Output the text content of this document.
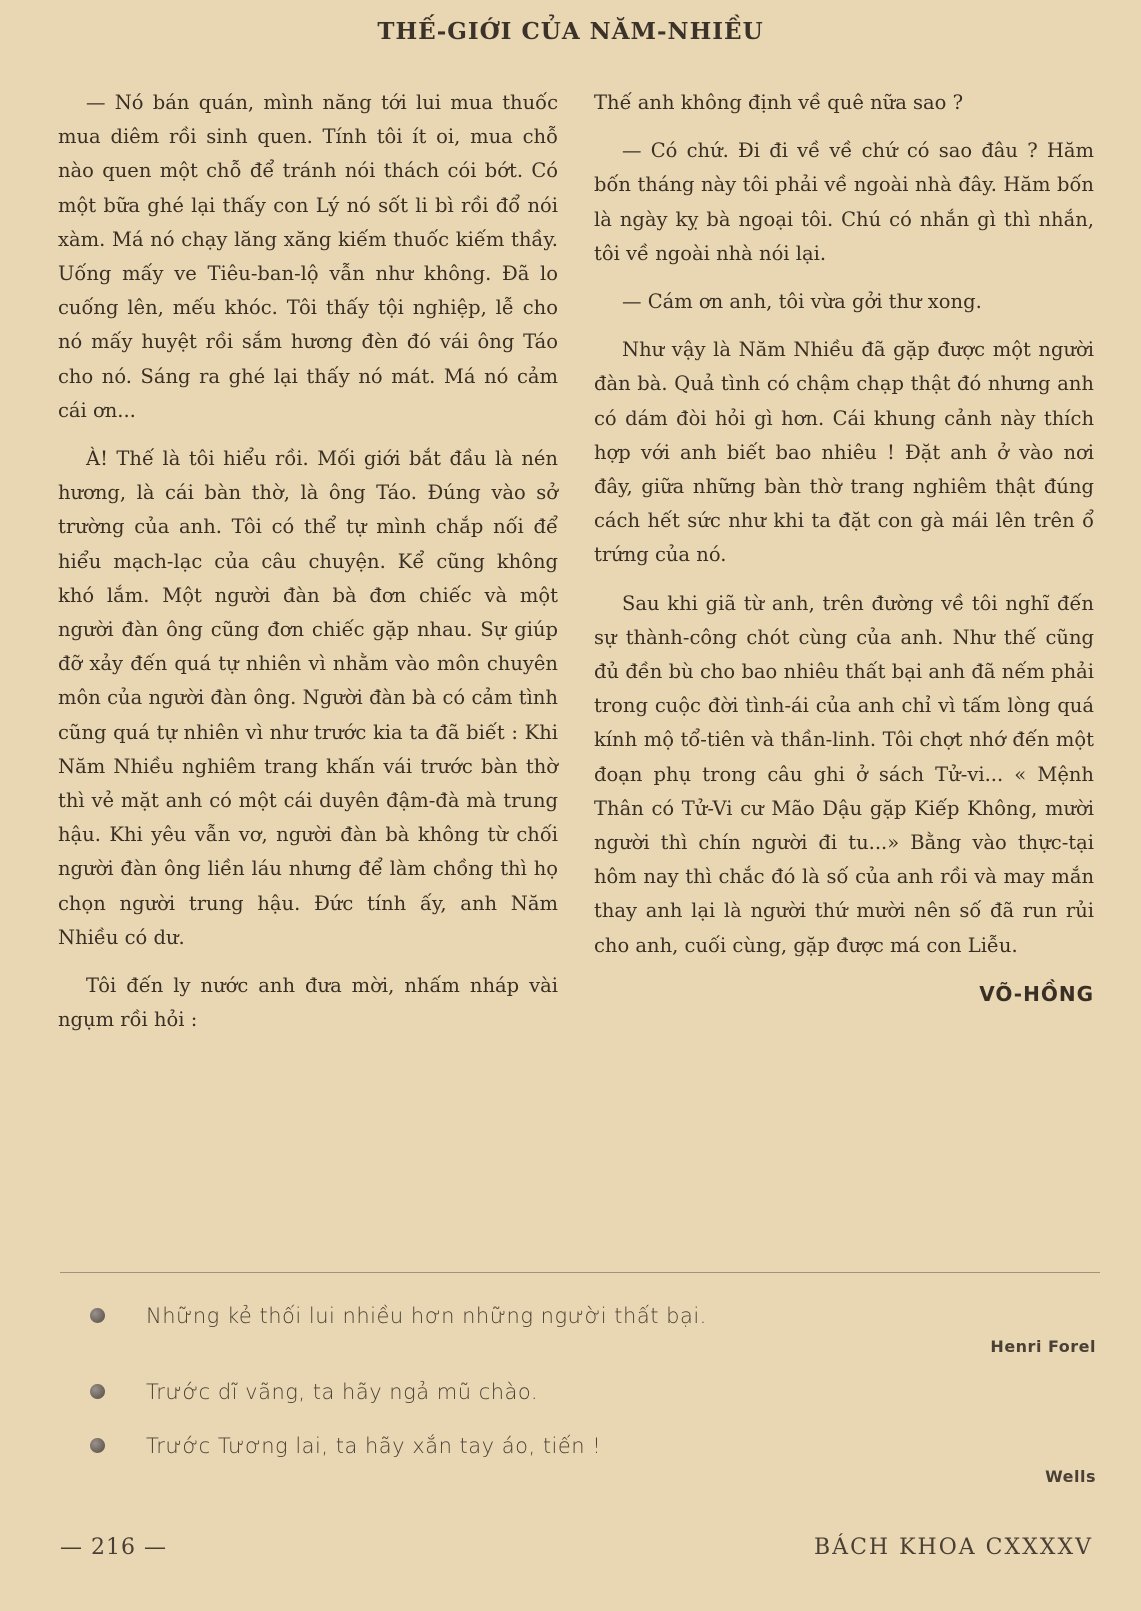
THẾ-GIỚI CỦA NĂM-NHIỀU

— Nó bán quán, mình năng tới lui mua thuốc mua diêm rồi sinh quen. Tính tôi ít oi, mua chỗ nào quen một chỗ để tránh nói thách cói bớt. Có một bữa ghé lại thấy con Lý nó sốt li bì rồi đổ nói xàm. Má nó chạy lăng xăng kiếm thuốc kiếm thầy. Uống mấy ve Tiêu-ban-lộ vẫn như không. Đã lo cuống lên, mếu khóc. Tôi thấy tội nghiệp, lễ cho nó mấy huyệt rồi sắm hương đèn đó vái ông Táo cho nó. Sáng ra ghé lại thấy nó mát. Má nó cảm cái ơn...

À! Thế là tôi hiểu rồi. Mối giới bắt đầu là nén hương, là cái bàn thờ, là ông Táo. Đúng vào sở trường của anh. Tôi có thể tự mình chắp nối để hiểu mạch-lạc của câu chuyện. Kể cũng không khó lắm. Một người đàn bà đơn chiếc và một người đàn ông cũng đơn chiếc gặp nhau. Sự giúp đỡ xảy đến quá tự nhiên vì nhằm vào môn chuyên môn của người đàn ông. Người đàn bà có cảm tình cũng quá tự nhiên vì như trước kia ta đã biết : Khi Năm Nhiều nghiêm trang khấn vái trước bàn thờ thì vẻ mặt anh có một cái duyên đậm-đà mà trung hậu. Khi yêu vẫn vơ, người đàn bà không từ chối người đàn ông liền láu nhưng để làm chồng thì họ chọn người trung hậu. Đức tính ấy, anh Năm Nhiều có dư.

Tôi đến ly nước anh đưa mời, nhấm nháp vài ngụm rồi hỏi :

Thế anh không định về quê nữa sao ?

— Có chứ. Đi đi về về chứ có sao đâu ? Hăm bốn tháng này tôi phải về ngoài nhà đây. Hăm bốn là ngày kỵ bà ngoại tôi. Chú có nhắn gì thì nhắn, tôi về ngoài nhà nói lại.

— Cám ơn anh, tôi vừa gởi thư xong.

Như vậy là Năm Nhiều đã gặp được một người đàn bà. Quả tình có chậm chạp thật đó nhưng anh có dám đòi hỏi gì hơn. Cái khung cảnh này thích hợp với anh biết bao nhiêu ! Đặt anh ở vào nơi đây, giữa những bàn thờ trang nghiêm thật đúng cách hết sức như khi ta đặt con gà mái lên trên ổ trứng của nó.

Sau khi giã từ anh, trên đường về tôi nghĩ đến sự thành-công chót cùng của anh. Như thế cũng đủ đền bù cho bao nhiêu thất bại anh đã nếm phải trong cuộc đời tình-ái của anh chỉ vì tấm lòng quá kính mộ tổ-tiên và thần-linh. Tôi chợt nhớ đến một đoạn phụ trong câu ghi ở sách Tử-vi... « Mệnh Thân có Tử-Vi cư Mão Dậu gặp Kiếp Không, mười người thì chín người đi tu...» Bằng vào thực-tại hôm nay thì chắc đó là số của anh rồi và may mắn thay anh lại là người thứ mười nên số đã run rủi cho anh, cuối cùng, gặp được má con Liễu.

VÕ-HỒNG
Những kẻ thối lui nhiều hơn những người thất bại.
Henri Forel
Trước dĩ vãng, ta hãy ngả mũ chào.
Trước Tương lai, ta hãy xắn tay áo, tiến !
Wells
— 216 —	BÁCH KHOA CXXXXV
